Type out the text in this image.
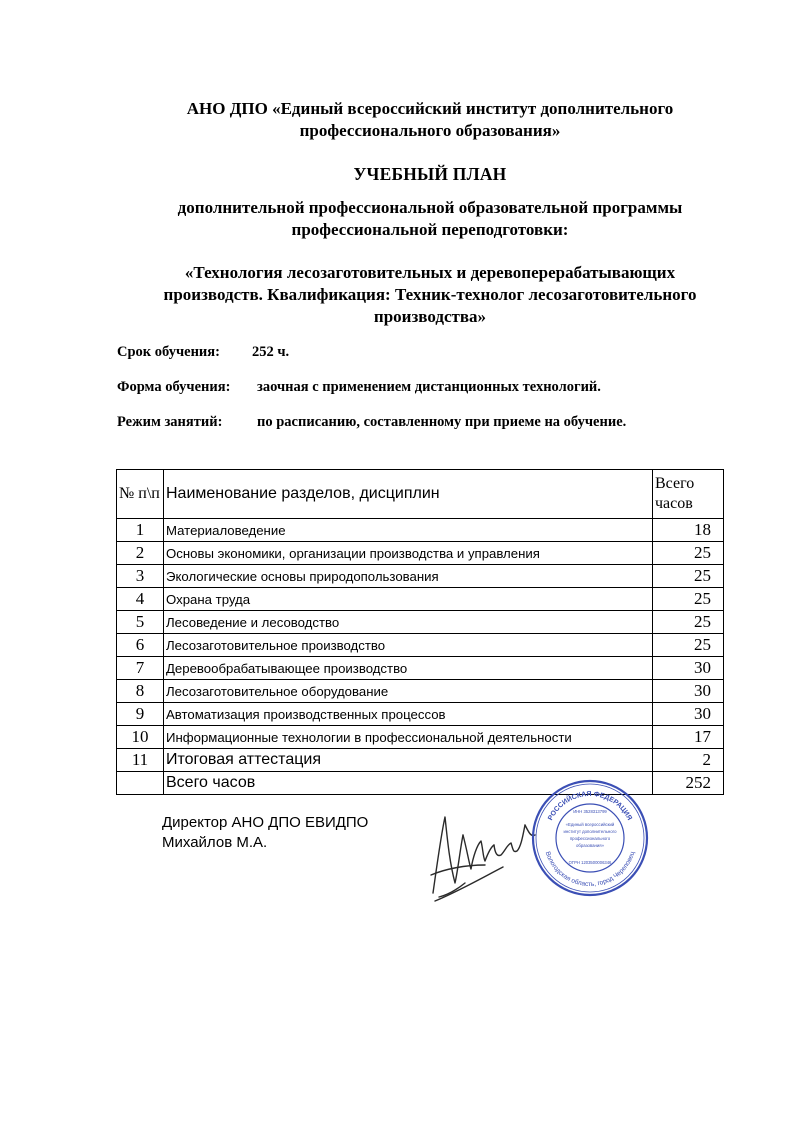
АНО ДПО «Единый всероссийский институт дополнительного
профессионального образования»
УЧЕБНЫЙ ПЛАН
дополнительной профессиональной образовательной программы
профессиональной переподготовки:
«Технология лесозаготовительных и деревоперерабатывающих
производств. Квалификация: Техник-технолог лесозаготовительного
производства»
Срок обучения: 252 ч.
Форма обучения: заочная с применением дистанционных технологий.
Режим занятий: по расписанию, составленному при приеме на обучение.
№ п\п	Наименование разделов, дисциплин	Всего часов
1	Материаловедение	18
2	Основы экономики, организации производства и управления	25
3	Экологические основы природопользования	25
4	Охрана труда	25
5	Лесоведение и лесоводство	25
6	Лесозаготовительное производство	25
7	Деревообрабатывающее производство	30
8	Лесозаготовительное оборудование	30
9	Автоматизация производственных процессов	30
10	Информационные технологии в профессиональной деятельности	17
11	Итоговая аттестация	2
	Всего часов	252
Директор АНО ДПО ЕВИДПО
Михайлов М.А.
РОССИЙСКАЯ ФЕДЕРАЦИЯ
Вологодская область, город Череповец
ИНН 3528313799
«Единый всероссийский
институт дополнительного
профессионального
образования»
ОГРН 1203500006346
